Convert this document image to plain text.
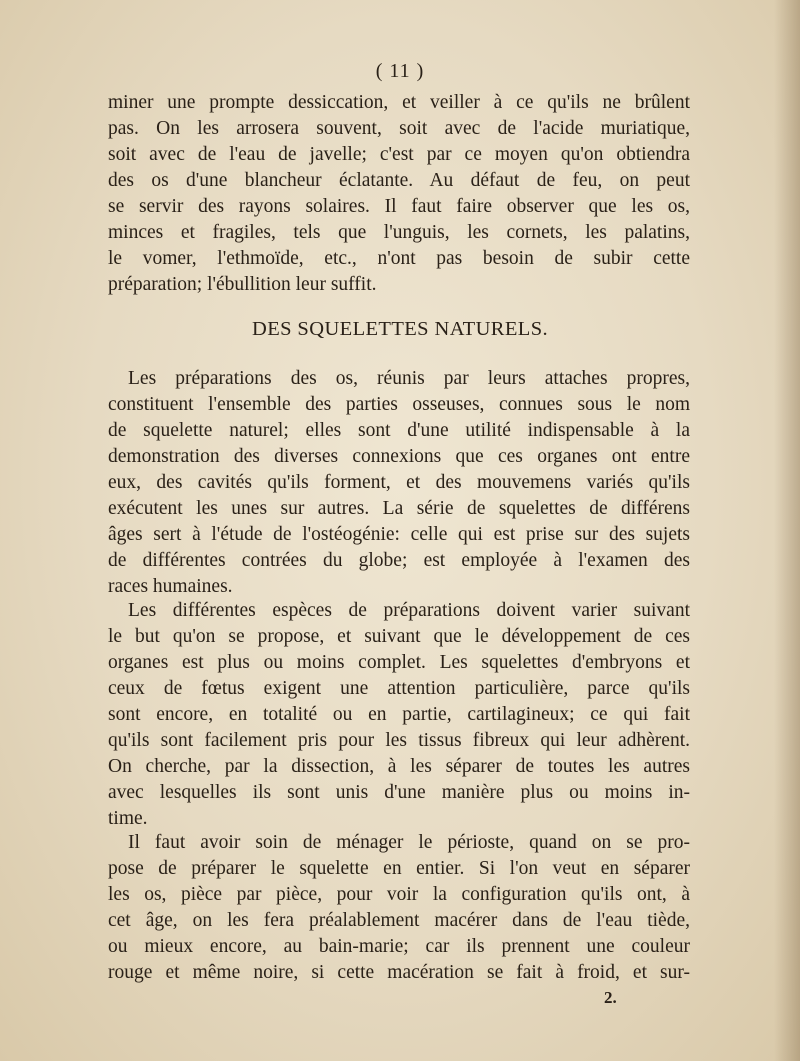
( 11 )
miner une prompte dessiccation, et veiller à ce qu'ils ne brûlent
pas. On les arrosera souvent, soit avec de l'acide muriatique,
soit avec de l'eau de javelle; c'est par ce moyen qu'on obtiendra
des os d'une blancheur éclatante. Au défaut de feu, on peut
se servir des rayons solaires. Il faut faire observer que les os,
minces et fragiles, tels que l'unguis, les cornets, les palatins,
le vomer, l'ethmoïde, etc., n'ont pas besoin de subir cette
préparation; l'ébullition leur suffit.
DES SQUELETTES NATURELS.
Les préparations des os, réunis par leurs attaches propres,
constituent l'ensemble des parties osseuses, connues sous le nom
de squelette naturel; elles sont d'une utilité indispensable à la
demonstration des diverses connexions que ces organes ont entre
eux, des cavités qu'ils forment, et des mouvemens variés qu'ils
exécutent les unes sur autres. La série de squelettes de différens
âges sert à l'étude de l'ostéogénie: celle qui est prise sur des sujets
de différentes contrées du globe; est employée à l'examen des
races humaines.
Les différentes espèces de préparations doivent varier suivant
le but qu'on se propose, et suivant que le développement de ces
organes est plus ou moins complet. Les squelettes d'embryons et
ceux de fœtus exigent une attention particulière, parce qu'ils
sont encore, en totalité ou en partie, cartilagineux; ce qui fait
qu'ils sont facilement pris pour les tissus fibreux qui leur adhèrent.
On cherche, par la dissection, à les séparer de toutes les autres
avec lesquelles ils sont unis d'une manière plus ou moins in-
time.
Il faut avoir soin de ménager le périoste, quand on se pro-
pose de préparer le squelette en entier. Si l'on veut en séparer
les os, pièce par pièce, pour voir la configuration qu'ils ont, à
cet âge, on les fera préalablement macérer dans de l'eau tiède,
ou mieux encore, au bain-marie; car ils prennent une couleur
rouge et même noire, si cette macération se fait à froid, et sur-
2.
